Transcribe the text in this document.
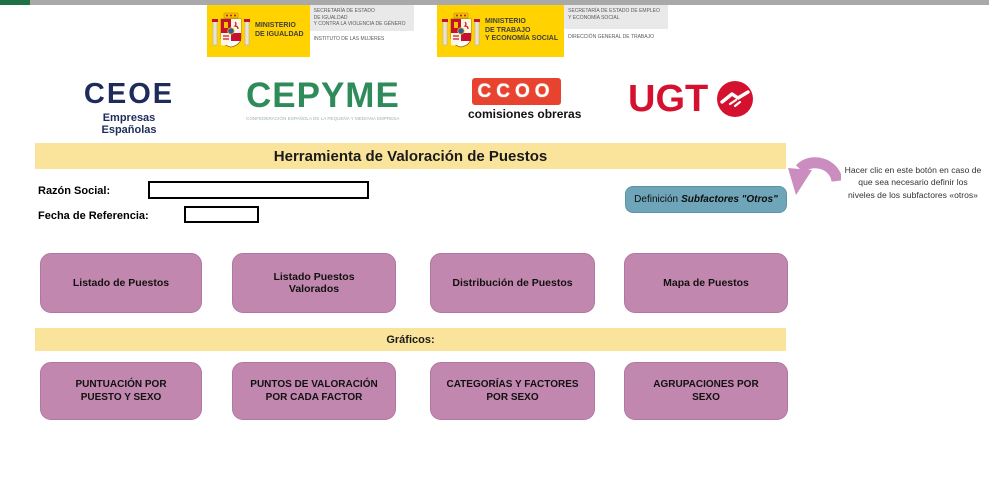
MINISTERIO
DE IGUALDAD
SECRETARÍA DE ESTADO
DE IGUALDAD
Y CONTRA LA VIOLENCIA DE GÉNERO
INSTITUTO DE LAS MUJERES
MINISTERIO
DE TRABAJO
Y ECONOMÍA SOCIAL
SECRETARÍA DE ESTADO DE EMPLEO
Y ECONOMÍA SOCIAL
DIRECCIÓN GENERAL DE TRABAJO
CEOE
Empresas Españolas
CEPYME
CONFEDERACIÓN ESPAÑOLA DE LA PEQUEÑA Y MEDIANA EMPRESA
CCOO
comisiones obreras UGT
Herramienta de Valoración de Puestos
Razón Social:
Fecha de Referencia:
Definición Subfactores "Otros"
Hacer clic en este botón en caso de
que sea necesario definir los
niveles de los subfactores «otros»
Listado de Puestos	Listado Puestos Valorados	Distribución de Puestos	Mapa de Puestos
Gráficos:
PUNTUACIÓN POR PUESTO Y SEXO
PUNTOS DE VALORACIÓN POR CADA FACTOR
CATEGORÍAS Y FACTORES POR SEXO
AGRUPACIONES POR SEXO
